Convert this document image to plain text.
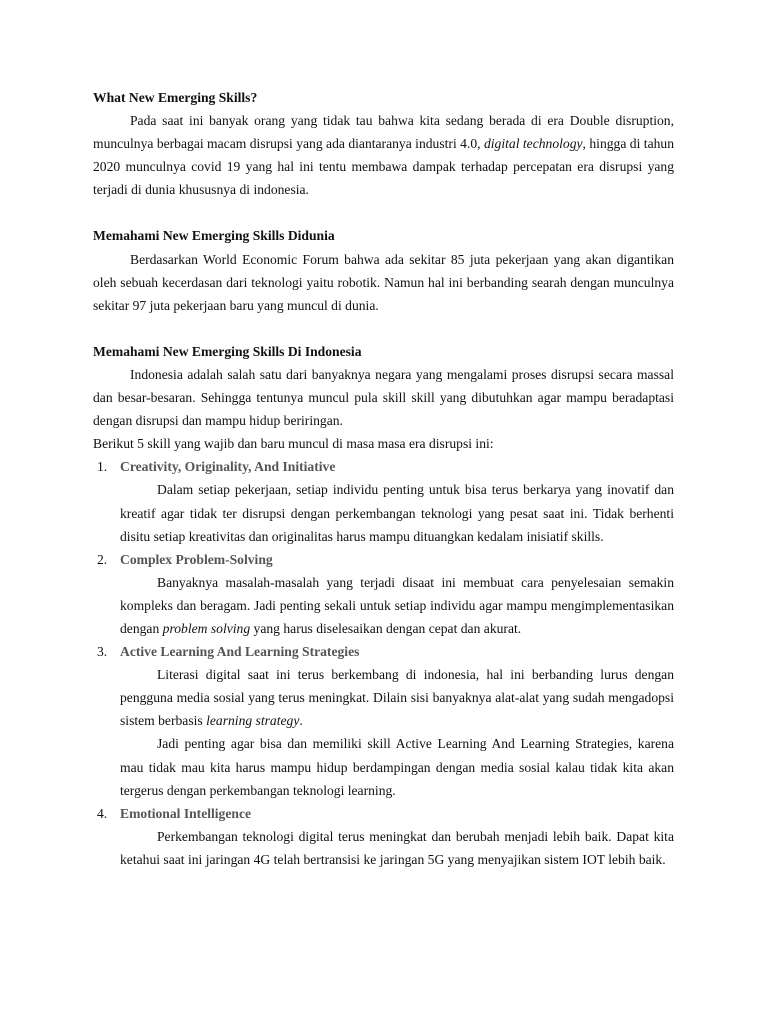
What New Emerging Skills?

Pada saat ini banyak orang yang tidak tau bahwa kita sedang berada di era Double disruption, munculnya berbagai macam disrupsi yang ada diantaranya industri 4.0, digital technology, hingga di tahun 2020 munculnya covid 19 yang hal ini tentu membawa dampak terhadap percepatan era disrupsi yang terjadi di dunia khususnya di indonesia.

Memahami New Emerging Skills Didunia

Berdasarkan World Economic Forum bahwa ada sekitar 85 juta pekerjaan yang akan digantikan oleh sebuah kecerdasan dari teknologi yaitu robotik. Namun hal ini berbanding searah dengan munculnya sekitar 97 juta pekerjaan baru yang muncul di dunia.

Memahami New Emerging Skills Di Indonesia

Indonesia adalah salah satu dari banyaknya negara yang mengalami proses disrupsi secara massal dan besar-besaran. Sehingga tentunya muncul pula skill skill yang dibutuhkan agar mampu beradaptasi dengan disrupsi dan mampu hidup beriringan.

Berikut 5 skill yang wajib dan baru muncul di masa masa era disrupsi ini:

1. Creativity, Originality, And Initiative

Dalam setiap pekerjaan, setiap individu penting untuk bisa terus berkarya yang inovatif dan kreatif agar tidak ter disrupsi dengan perkembangan teknologi yang pesat saat ini. Tidak berhenti disitu setiap kreativitas dan originalitas harus mampu dituangkan kedalam inisiatif skills.

2. Complex Problem-Solving

Banyaknya masalah-masalah yang terjadi disaat ini membuat cara penyelesaian semakin kompleks dan beragam. Jadi penting sekali untuk setiap individu agar mampu mengimplementasikan dengan problem solving yang harus diselesaikan dengan cepat dan akurat.

3. Active Learning And Learning Strategies

Literasi digital saat ini terus berkembang di indonesia, hal ini berbanding lurus dengan pengguna media sosial yang terus meningkat. Dilain sisi banyaknya alat-alat yang sudah mengadopsi sistem berbasis learning strategy.

Jadi penting agar bisa dan memiliki skill Active Learning And Learning Strategies, karena mau tidak mau kita harus mampu hidup berdampingan dengan media sosial kalau tidak kita akan tergerus dengan perkembangan teknologi learning.

4. Emotional Intelligence

Perkembangan teknologi digital terus meningkat dan berubah menjadi lebih baik. Dapat kita ketahui saat ini jaringan 4G telah bertransisi ke jaringan 5G yang menyajikan sistem IOT lebih baik.
